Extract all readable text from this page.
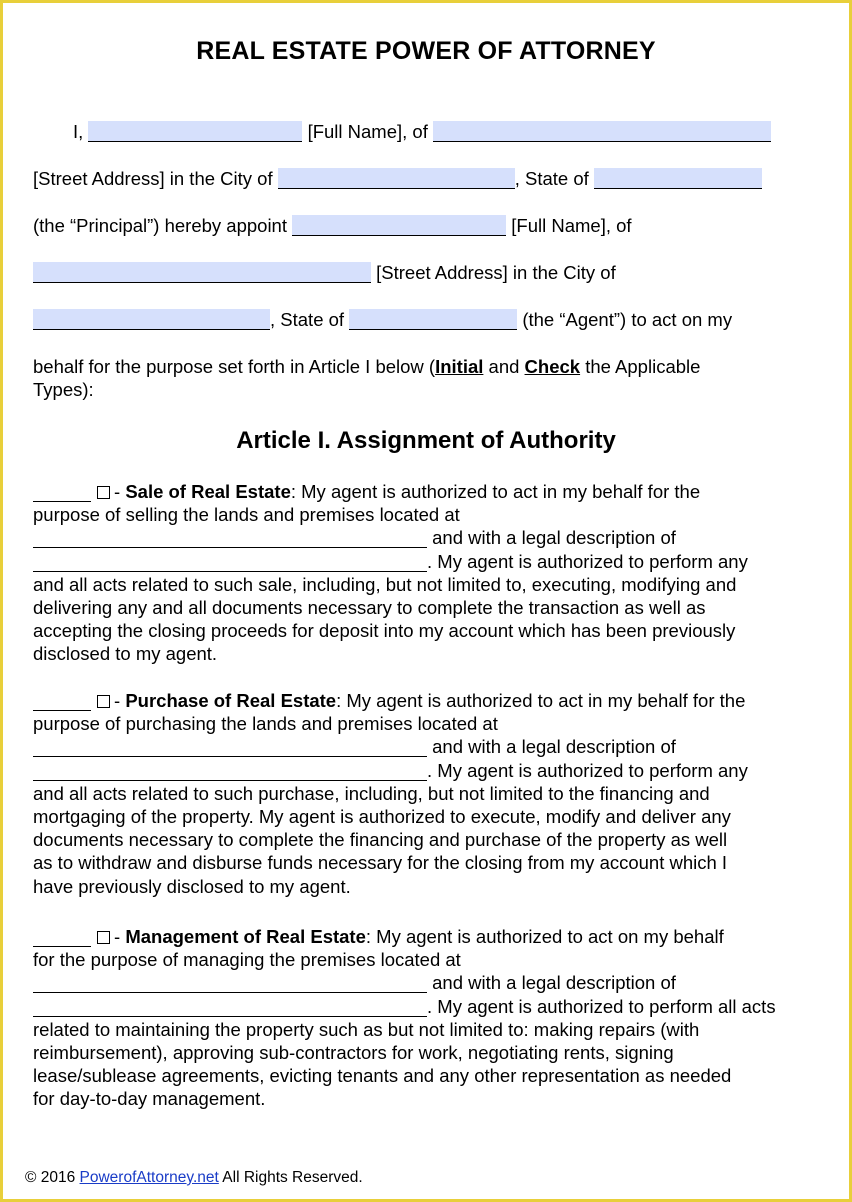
REAL ESTATE POWER OF ATTORNEY
I,	[Full Name], of
[Street Address] in the City of	, State of
(the “Principal”) hereby appoint	[Full Name], of
[Street Address] in the City of
, State of	(the “Agent”) to act on my
behalf for the purpose set forth in Article I below (Initial and Check the Applicable
Types):
Article I. Assignment of Authority
- Sale of Real Estate: My agent is authorized to act in my behalf for the
purpose of selling the lands and premises located at
and with a legal description of
. My agent is authorized to perform any
and all acts related to such sale, including, but not limited to, executing, modifying and
delivering any and all documents necessary to complete the transaction as well as
accepting the closing proceeds for deposit into my account which has been previously
disclosed to my agent.
- Purchase of Real Estate: My agent is authorized to act in my behalf for the
purpose of purchasing the lands and premises located at
and with a legal description of
. My agent is authorized to perform any
and all acts related to such purchase, including, but not limited to the financing and
mortgaging of the property. My agent is authorized to execute, modify and deliver any
documents necessary to complete the financing and purchase of the property as well
as to withdraw and disburse funds necessary for the closing from my account which I
have previously disclosed to my agent.
- Management of Real Estate: My agent is authorized to act on my behalf
for the purpose of managing the premises located at
and with a legal description of
. My agent is authorized to perform all acts
related to maintaining the property such as but not limited to: making repairs (with
reimbursement), approving sub-contractors for work, negotiating rents, signing
lease/sublease agreements, evicting tenants and any other representation as needed
for day-to-day management.
© 2016 PowerofAttorney.net All Rights Reserved.
